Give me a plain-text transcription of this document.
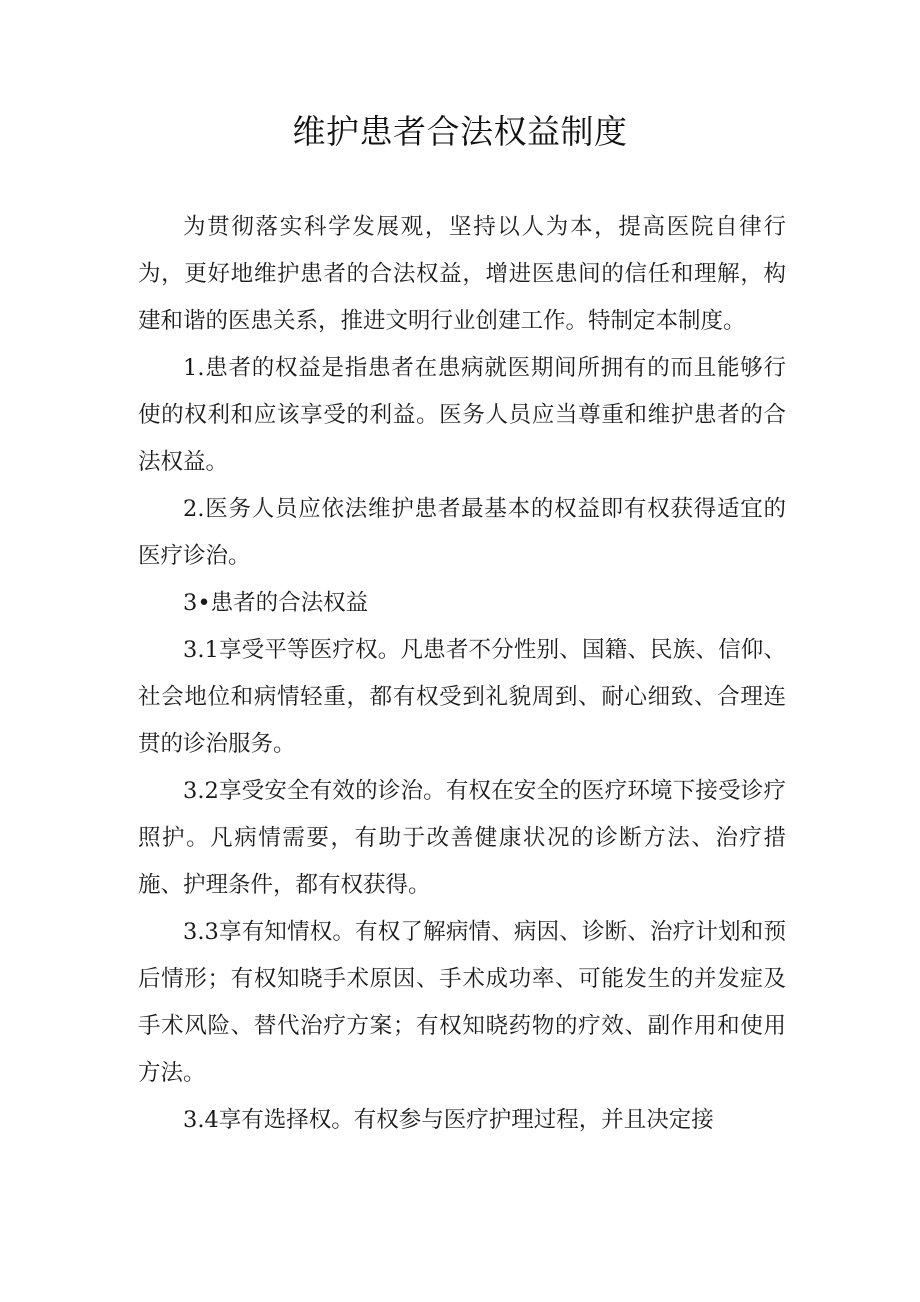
维护患者合法权益制度

为贯彻落实科学发展观，坚持以人为本，提高医院自律行为，更好地维护患者的合法权益，增进医患间的信任和理解，构建和谐的医患关系，推进文明行业创建工作。特制定本制度。

1.患者的权益是指患者在患病就医期间所拥有的而且能够行使的权利和应该享受的利益。医务人员应当尊重和维护患者的合法权益。

2.医务人员应依法维护患者最基本的权益即有权获得适宜的医疗诊治。

3•患者的合法权益

3.1享受平等医疗权。凡患者不分性别、国籍、民族、信仰、社会地位和病情轻重，都有权受到礼貌周到、耐心细致、合理连贯的诊治服务。

3.2享受安全有效的诊治。有权在安全的医疗环境下接受诊疗照护。凡病情需要，有助于改善健康状况的诊断方法、治疗措施、护理条件，都有权获得。

3.3享有知情权。有权了解病情、病因、诊断、治疗计划和预后情形；有权知晓手术原因、手术成功率、可能发生的并发症及手术风险、替代治疗方案；有权知晓药物的疗效、副作用和使用方法。

3.4享有选择权。有权参与医疗护理过程，并且决定接
